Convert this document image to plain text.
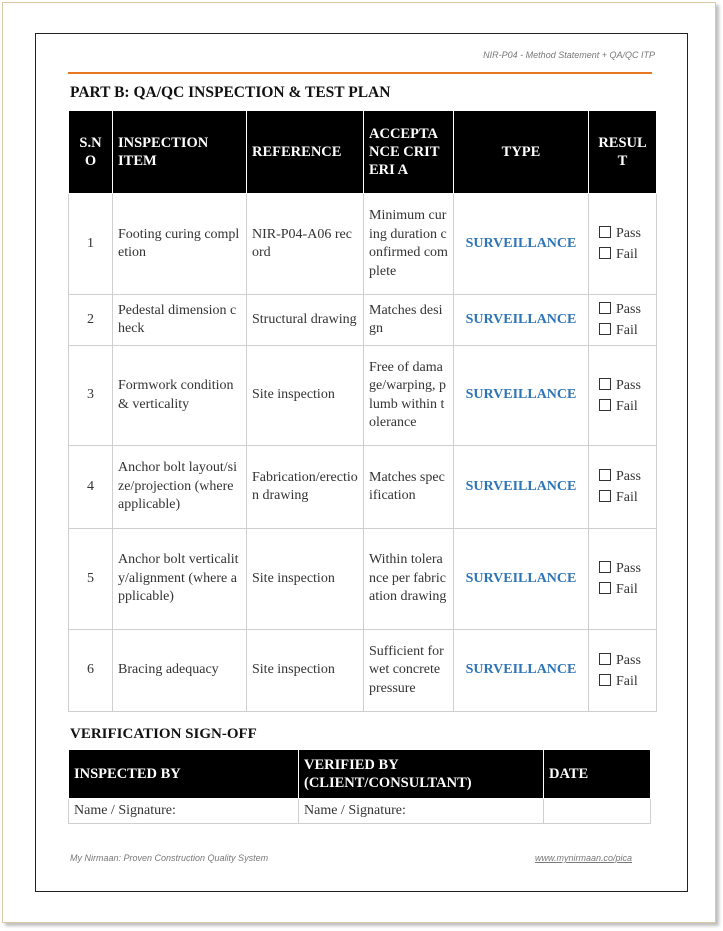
NIR-P04 - Method Statement + QA/QC ITP
PART B: QA/QC INSPECTION & TEST PLAN
S.N O	INSPECTION ITEM	REFERENCE	ACCEPTA NCE CRITERI A	TYPE	RESUL T
1	Footing curing completion	NIR-P04-A06 record	Minimum curing duration confirmed complete	SURVEILLANCE	Pass
Fail

2	Pedestal dimension check	Structural drawing	Matches design	SURVEILLANCE	Pass
Fail

3	Formwork condition & verticality	Site inspection	Free of damage/warping, plumb within tolerance	SURVEILLANCE	Pass
Fail

4	Anchor bolt layout/size/projection (where applicable)	Fabrication/erection drawing	Matches specification	SURVEILLANCE	Pass
Fail

5	Anchor bolt verticality/alignment (where applicable)	Site inspection	Within tolerance per fabrication drawing	SURVEILLANCE	Pass
Fail

6	Bracing adequacy	Site inspection	Sufficient for wet concrete pressure	SURVEILLANCE	Pass
Fail
VERIFICATION SIGN-OFF
INSPECTED BY	VERIFIED BY (CLIENT/CONSULTANT)	DATE
Name / Signature:	Name / Signature:	
My Nirmaan: Proven Construction Quality System	www.mynirmaan.co/pica
